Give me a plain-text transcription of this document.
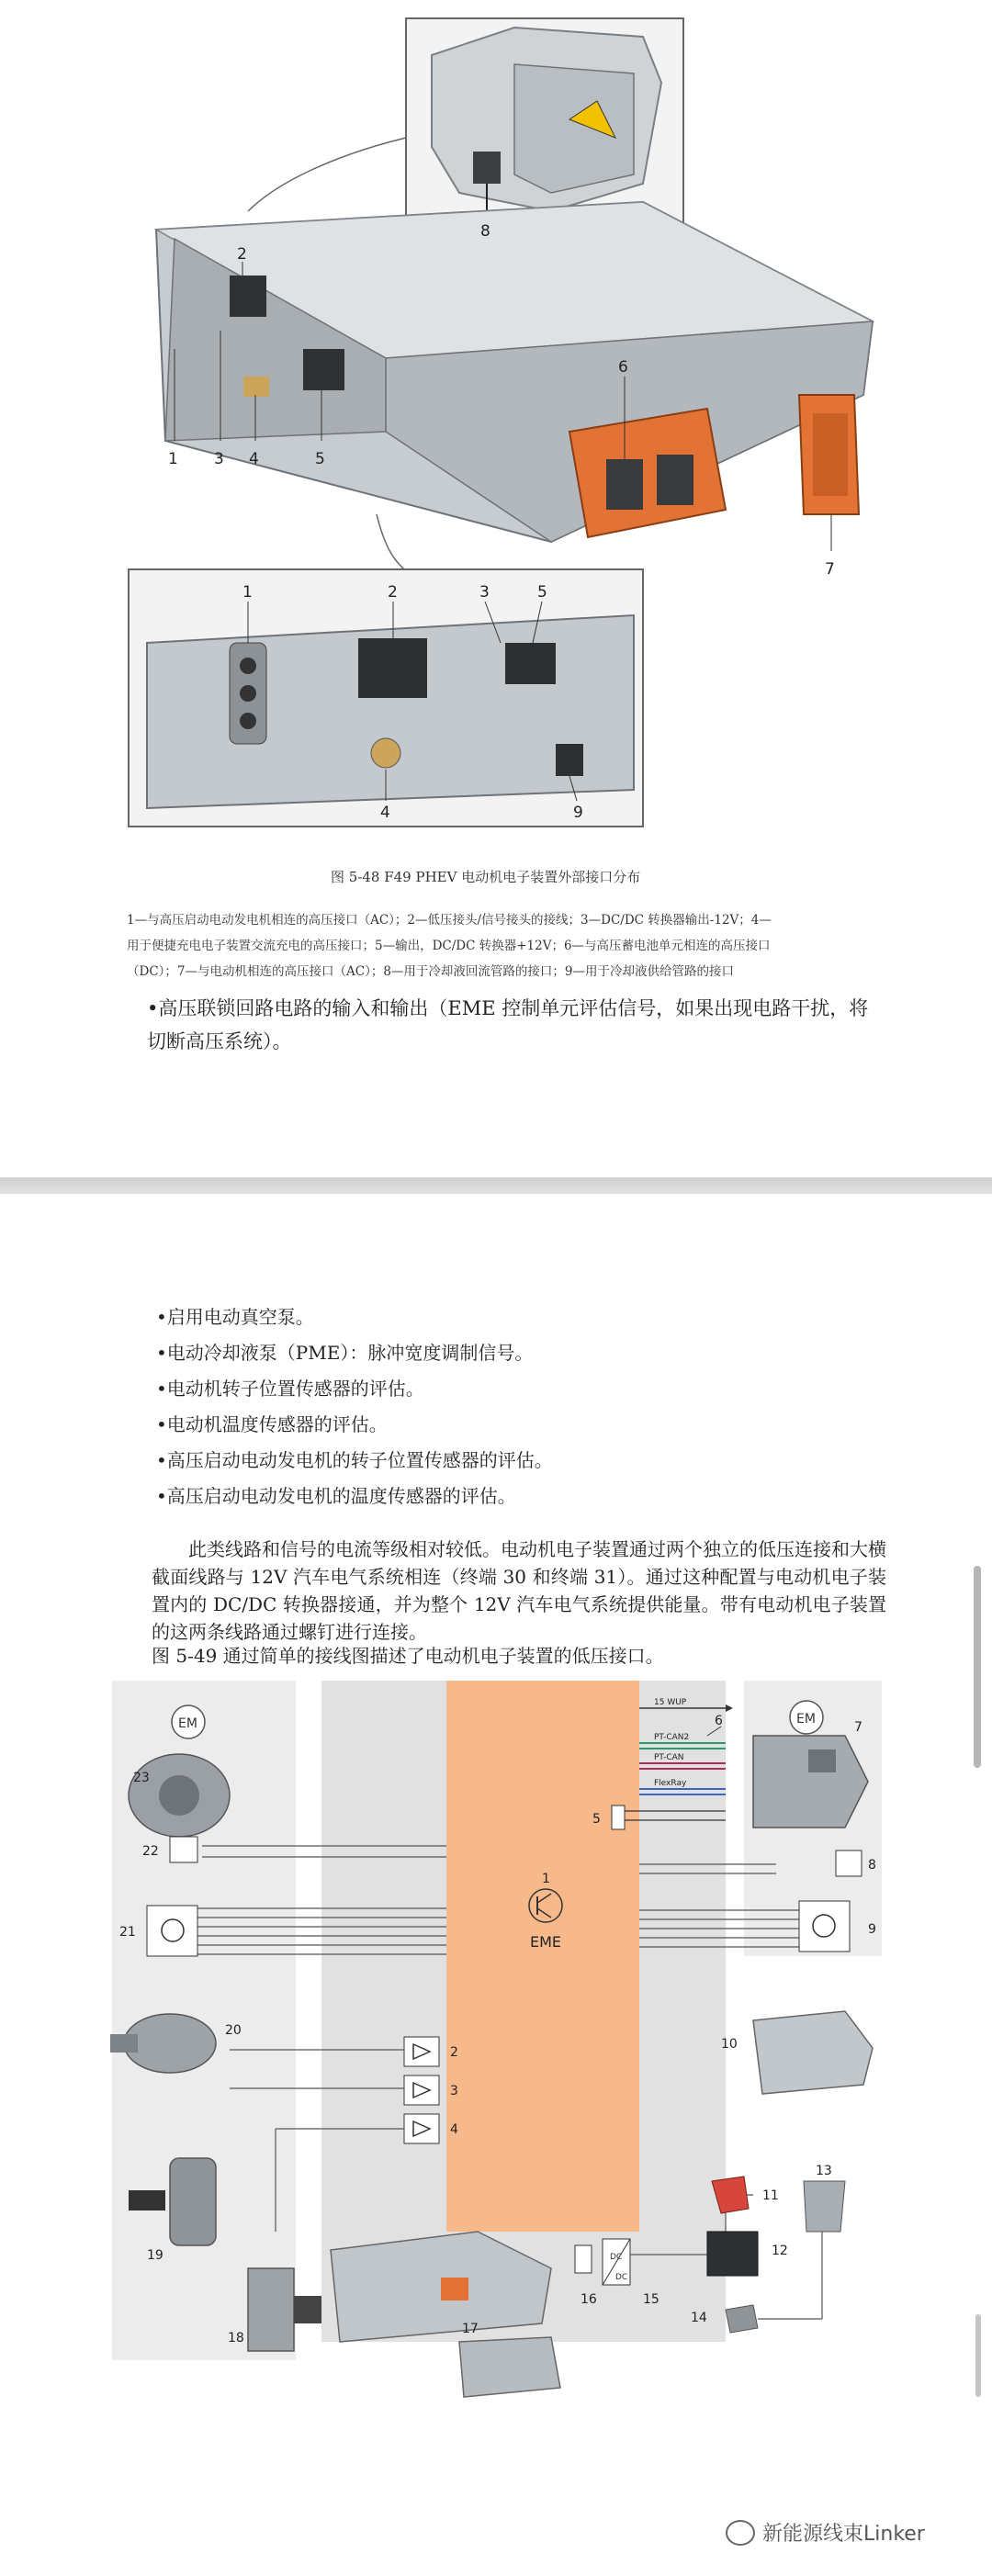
2
1 3 4	5
6
7
8
1	2	3	5
4	9
图 5-48 F49 PHEV 电动机电子装置外部接口分布
1—与高压启动电动发电机相连的高压接口（AC）；2—低压接头/信号接头的接线；3—DC/DC 转换器输出-12V；4—
用于便捷充电电子装置交流充电的高压接口；5—输出，DC/DC 转换器+12V；6—与高压蓄电池单元相连的高压接口
（DC）；7—与电动机相连的高压接口（AC）；8—用于冷却液回流管路的接口；9—用于冷却液供给管路的接口
•高压联锁回路电路的输入和输出（EME 控制单元评估信号，如果出现电路干扰，将切断高压系统）。
•启用电动真空泵。
•电动冷却液泵（PME）：脉冲宽度调制信号。
•电动机转子位置传感器的评估。
•电动机温度传感器的评估。
•高压启动电动发电机的转子位置传感器的评估。
•高压启动电动发电机的温度传感器的评估。
此类线路和信号的电流等级相对较低。电动机电子装置通过两个独立的低压连接和大横截面线路与 12V 汽车电气系统相连（终端 30 和终端 31）。通过这种配置与电动机电子装置内的 DC/DC 转换器接通，并为整个 12V 汽车电气系统提供能量。带有电动机电子装置的这两条线路通过螺钉进行连接。
图 5-49 通过简单的接线图描述了电动机电子装置的低压接口。
EM	EM
EME
15 WUP
PT-CAN2
PT-CAN
FlexRay
DC
DC
1
2
3
4
5
6	7
8
9
10
11
12
13
14
15
16
17
18
19
20
21
22
23
新能源线束Linker
